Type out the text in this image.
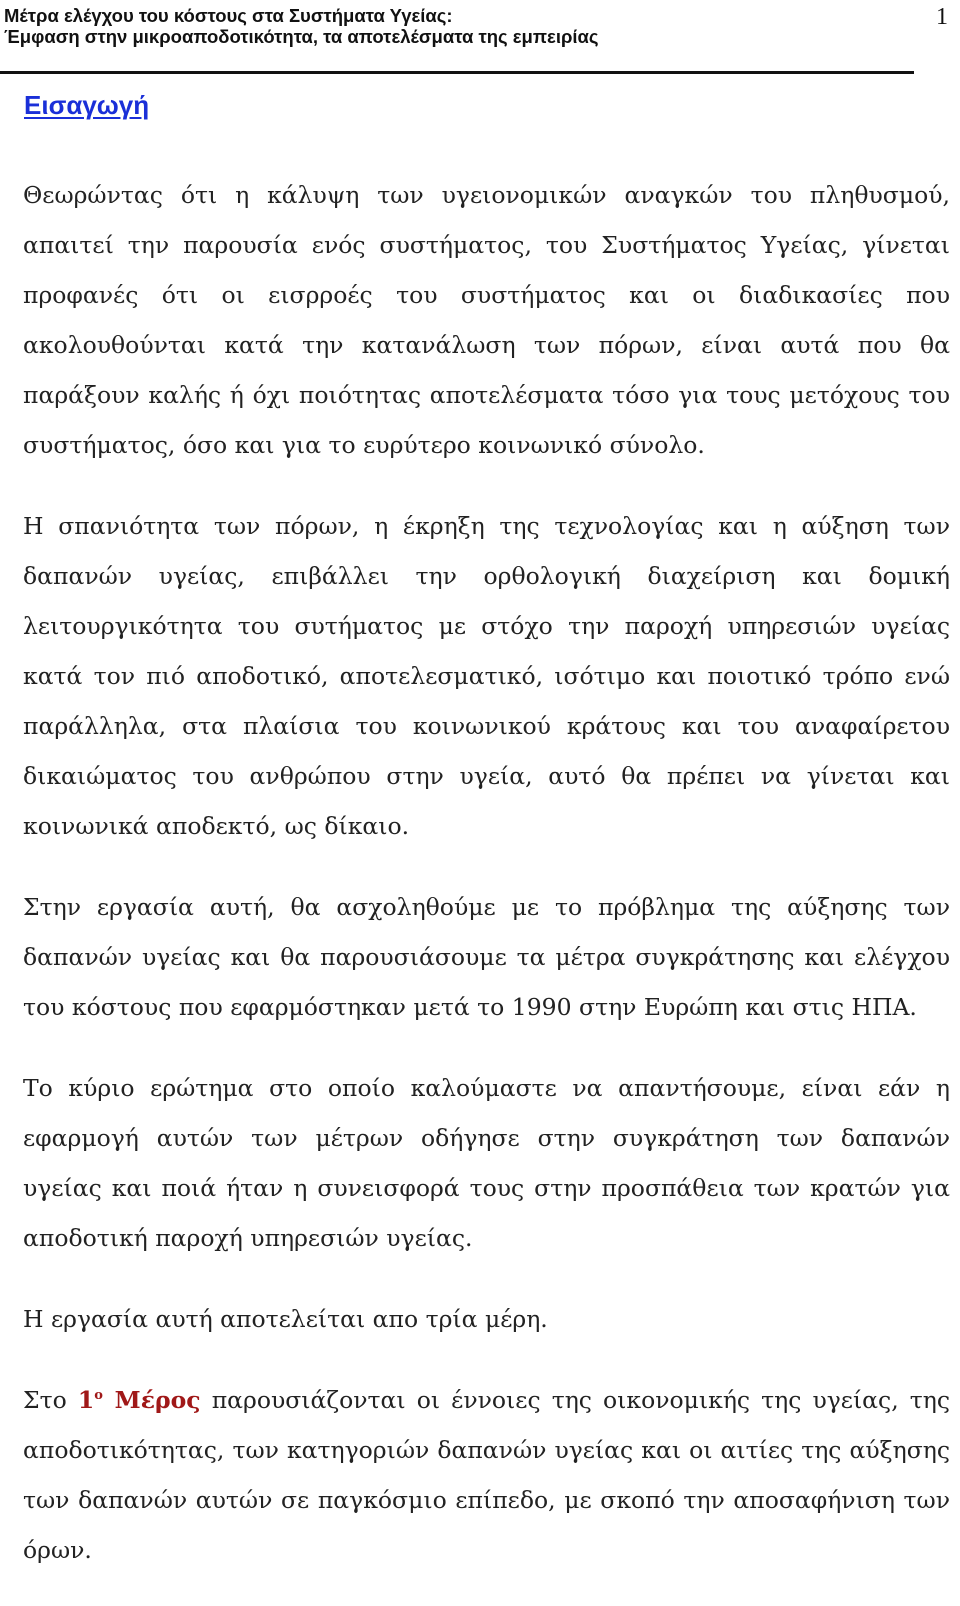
Μέτρα ελέγχου του κόστους στα Συστήματα Υγείας:
Έμφαση στην μικροαποδοτικότητα, τα αποτελέσματα της εμπειρίας
1
Εισαγωγή

Θεωρώντας ότι η κάλυψη των υγειονομικών αναγκών του πληθυσμού, απαιτεί την παρουσία ενός συστήματος, του Συστήματος Υγείας, γίνεται προφανές ότι οι εισρροές του συστήματος και οι διαδικασίες που ακολουθούνται κατά την κατανάλωση των πόρων, είναι αυτά που θα παράξουν καλής ή όχι ποιότητας αποτελέσματα τόσο για τους μετόχους του συστήματος, όσο και για το ευρύτερο κοινωνικό σύνολο.

Η σπανιότητα των πόρων, η έκρηξη της τεχνολογίας και η αύξηση των δαπανών υγείας, επιβάλλει την ορθολογική διαχείριση και δομική λειτουργικότητα του συτήματος με στόχο την παροχή υπηρεσιών υγείας κατά τον πιό αποδοτικό, αποτελεσματικό, ισότιμο και ποιοτικό τρόπο ενώ παράλληλα, στα πλαίσια του κοινωνικού κράτους και του αναφαίρετου δικαιώματος του ανθρώπου στην υγεία, αυτό θα πρέπει να γίνεται και κοινωνικά αποδεκτό, ως δίκαιο.

Στην εργασία αυτή, θα ασχοληθούμε με το πρόβλημα της αύξησης των δαπανών υγείας και θα παρουσιάσουμε τα μέτρα συγκράτησης και ελέγχου του κόστους που εφαρμόστηκαν μετά το 1990 στην Ευρώπη και στις ΗΠΑ.

Το κύριο ερώτημα στο οποίο καλούμαστε να απαντήσουμε, είναι εάν η εφαρμογή αυτών των μέτρων οδήγησε στην συγκράτηση των δαπανών υγείας και ποιά ήταν η συνεισφορά τους στην προσπάθεια των κρατών για αποδοτική παροχή υπηρεσιών υγείας.

Η εργασία αυτή αποτελείται απο τρία μέρη.

Στο $1^o$ Μέρος παρουσιάζονται οι έννοιες της οικονομικής της υγείας, της αποδοτικότητας, των κατηγοριών δαπανών υγείας και οι αιτίες της αύξησης των δαπανών αυτών σε παγκόσμιο επίπεδο, με σκοπό την αποσαφήνιση των όρων.
